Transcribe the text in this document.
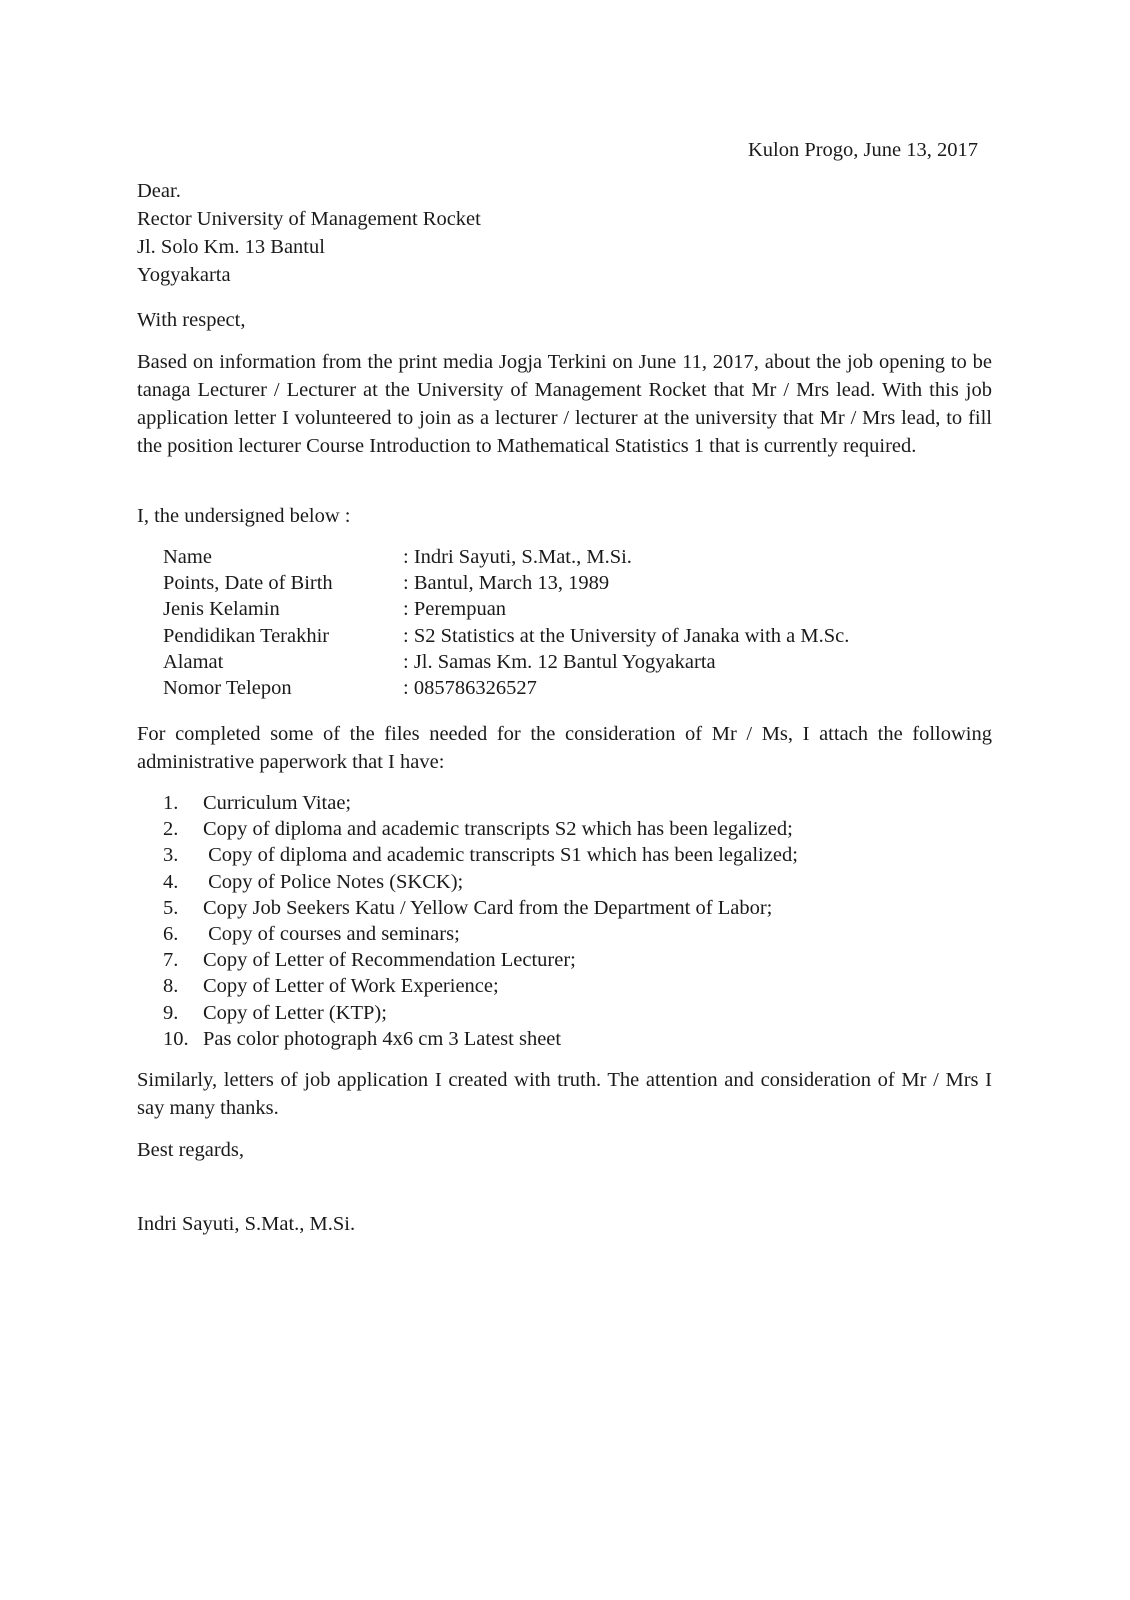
Kulon Progo, June 13, 2017
Dear.
Rector University of Management Rocket
Jl. Solo Km. 13 Bantul
Yogyakarta
With respect,
Based on information from the print media Jogja Terkini on June 11, 2017, about the job opening to be tanaga Lecturer / Lecturer at the University of Management Rocket that Mr / Mrs lead. With this job application letter I volunteered to join as a lecturer / lecturer at the university that Mr / Mrs lead, to fill the position lecturer Course Introduction to Mathematical Statistics 1 that is currently required.
I, the undersigned below :
Name	: Indri Sayuti, S.Mat., M.Si.
Points, Date of Birth	: Bantul, March 13, 1989
Jenis Kelamin	: Perempuan
Pendidikan Terakhir	: S2 Statistics at the University of Janaka with a M.Sc.
Alamat	: Jl. Samas Km. 12 Bantul Yogyakarta
Nomor Telepon	: 085786326527
For completed some of the files needed for the consideration of Mr / Ms, I attach the following administrative paperwork that I have:
1.	Curriculum Vitae;
2.	Copy of diploma and academic transcripts S2 which has been legalized;
3.	Copy of diploma and academic transcripts S1 which has been legalized;
4.	Copy of Police Notes (SKCK);
5.	Copy Job Seekers Katu / Yellow Card from the Department of Labor;
6.	Copy of courses and seminars;
7.	Copy of Letter of Recommendation Lecturer;
8.	Copy of Letter of Work Experience;
9.	Copy of Letter (KTP);
10. Pas color photograph 4x6 cm 3 Latest sheet
Similarly, letters of job application I created with truth. The attention and consideration of Mr / Mrs I say many thanks.
Best regards,
Indri Sayuti, S.Mat., M.Si.
